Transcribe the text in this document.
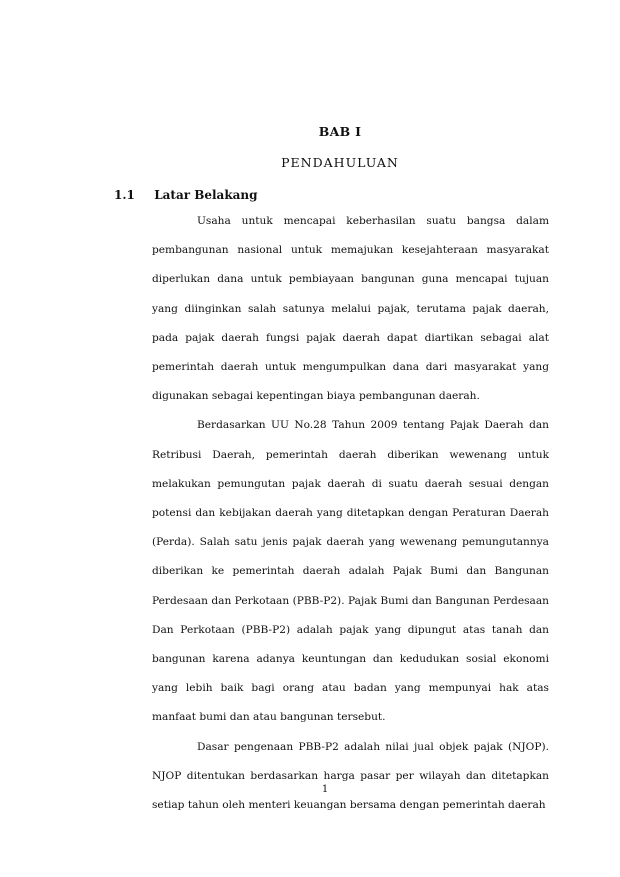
BAB I
PENDAHULUAN
1.1 Latar Belakang

Usaha untuk mencapai keberhasilan suatu bangsa dalam pembangunan nasional untuk memajukan kesejahteraan masyarakat diperlukan dana untuk pembiayaan bangunan guna mencapai tujuan yang diinginkan salah satunya melalui pajak, terutama pajak daerah, pada pajak daerah fungsi pajak daerah dapat diartikan sebagai alat pemerintah daerah untuk mengumpulkan dana dari masyarakat yang digunakan sebagai kepentingan biaya pembangunan daerah.

Berdasarkan UU No.28 Tahun 2009 tentang Pajak Daerah dan Retribusi Daerah, pemerintah daerah diberikan wewenang untuk melakukan pemungutan pajak daerah di suatu daerah sesuai dengan potensi dan kebijakan daerah yang ditetapkan dengan Peraturan Daerah (Perda). Salah satu jenis pajak daerah yang wewenang pemungutannya diberikan ke pemerintah daerah adalah Pajak Bumi dan Bangunan Perdesaan dan Perkotaan (PBB-P2). Pajak Bumi dan Bangunan Perdesaan Dan Perkotaan (PBB-P2) adalah pajak yang dipungut atas tanah dan bangunan karena adanya keuntungan dan kedudukan sosial ekonomi yang lebih baik bagi orang atau badan yang mempunyai hak atas manfaat bumi dan atau bangunan tersebut.

Dasar pengenaan PBB-P2 adalah nilai jual objek pajak (NJOP). NJOP ditentukan berdasarkan harga pasar per wilayah dan ditetapkan setiap tahun oleh menteri keuangan bersama dengan pemerintah daerah

1
